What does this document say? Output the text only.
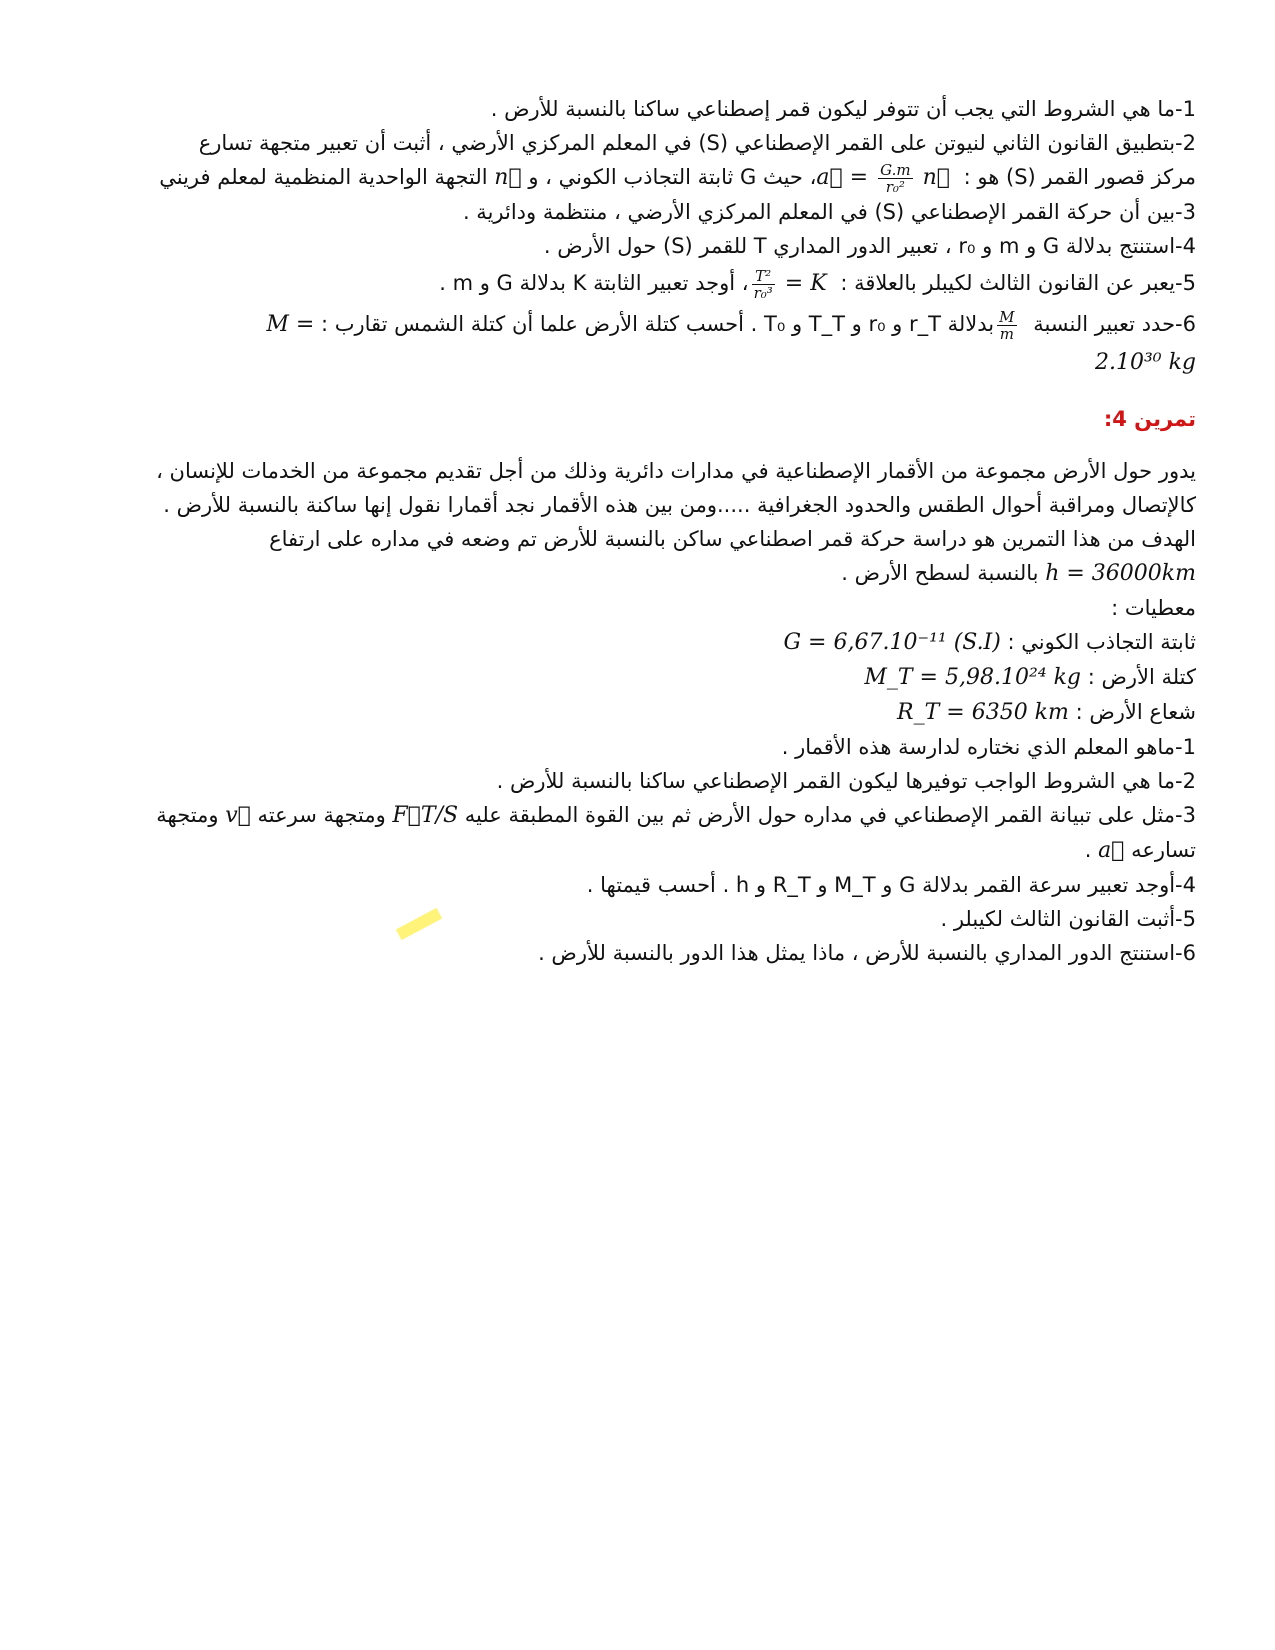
1-ما هي الشروط التي يجب أن تتوفر ليكون قمر إصطناعي ساكنا بالنسبة للأرض .
2-بتطبيق القانون الثاني لنيوتن على القمر الإصطناعي (S) في المعلم المركزي الأرضي ، أثبت أن تعبير متجهة تسارع
مركز قصور القمر (S) هو : a⃗ = $\frac{G.m}{\text{r₀²}}$ n⃗ ، حيث G ثابتة التجاذب الكوني ، و n⃗ التجهة الواحدية المنظمية لمعلم فريني
3-بين أن حركة القمر الإصطناعي (S) في المعلم المركزي الأرضي ، منتظمة ودائرية .
4-استنتج بدلالة G و m و r₀ ، تعبير الدور المداري T للقمر (S) حول الأرض .
5-يعبر عن القانون الثالث لكيبلر بالعلاقة :
$\frac{\text{T²}}{\text{r₀³}} = K$ ، أوجد تعبير الثابتة K بدلالة G و m .
6-حدد تعبير النسبة
$\frac{M}{m}$
بدلالة r_T و r₀ و T_T و T₀ . أحسب كتلة الأرض علما أن كتلة الشمس تقارب : M =
2.10³⁰ kg
تمرين 4:
يدور حول الأرض مجموعة من الأقمار الإصطناعية في مدارات دائرية وذلك من أجل تقديم مجموعة من الخدمات للإنسان ، كالإتصال ومراقبة أحوال الطقس والحدود الجغرافية .....ومن بين هذه الأقمار نجد أقمارا نقول إنها ساكنة بالنسبة للأرض .
الهدف من هذا التمرين هو دراسة حركة قمر اصطناعي ساكن بالنسبة للأرض تم وضعه في مداره على ارتفاع
h = 36000km بالنسبة لسطح الأرض .
معطيات :
ثابتة التجاذب الكوني : G = 6,67.10⁻¹¹ (S.I)
كتلة الأرض : M_T = 5,98.10²⁴ kg
شعاع الأرض : R_T = 6350 km
1-ماهو المعلم الذي نختاره لدارسة هذه الأقمار .
2-ما هي الشروط الواجب توفيرها ليكون القمر الإصطناعي ساكنا بالنسبة للأرض .
3-مثل على تبيانة القمر الإصطناعي في مداره حول الأرض ثم بين القوة المطبقة عليه F⃗T/S ومتجهة سرعته v⃗ ومتجهة
تسارعه a⃗ .
4-أوجد تعبير سرعة القمر بدلالة G و M_T و R_T و h . أحسب قيمتها .
5-أثبت القانون الثالث لكيبلر .
6-استنتج الدور المداري بالنسبة للأرض ، ماذا يمثل هذا الدور بالنسبة للأرض .
